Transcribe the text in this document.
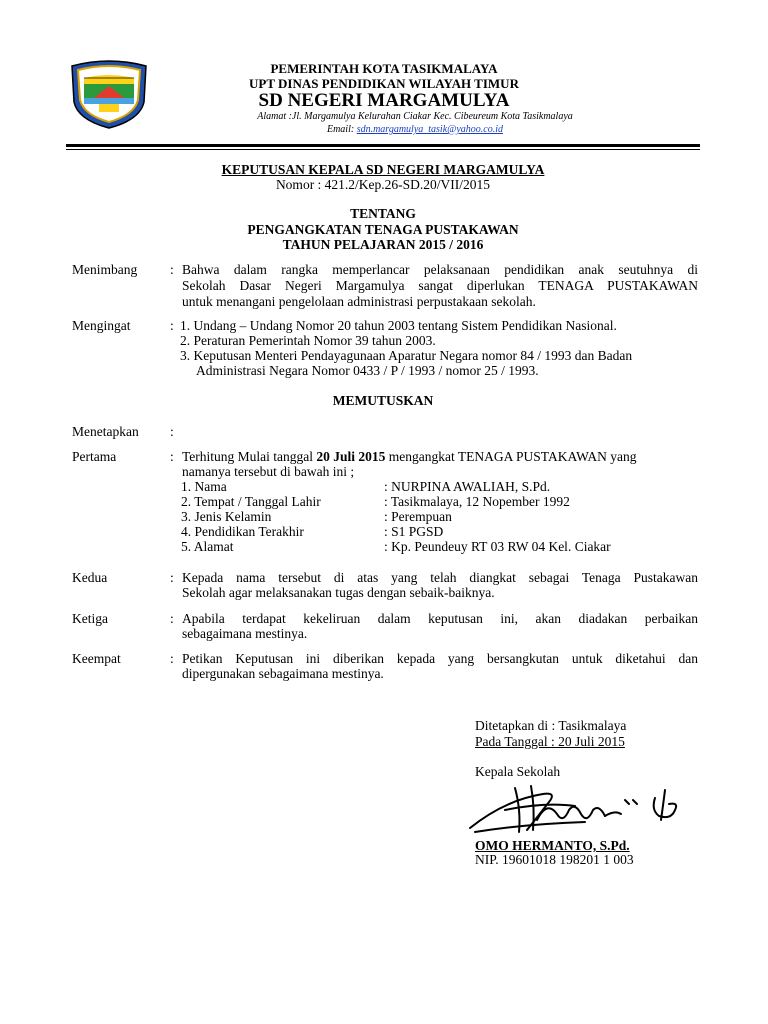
PEMERINTAH KOTA TASIKMALAYA
UPT DINAS PENDIDIKAN WILAYAH TIMUR
SD NEGERI MARGAMULYA
Alamat :Jl. Margamulya Kelurahan Ciakar Kec. Cibeureum Kota Tasikmalaya
Email: sdn.margamulya_tasik@yahoo.co.id
KEPUTUSAN KEPALA SD NEGERI MARGAMULYA
Nomor : 421.2/Kep.26-SD.20/VII/2015
TENTANG
PENGANGKATAN TENAGA PUSTAKAWAN
TAHUN PELAJARAN 2015 / 2016
Menimbang	: Bahwa dalam rangka memperlancar pelaksanaan pendidikan anak seutuhnya di
Sekolah Dasar Negeri Margamulya sangat diperlukan TENAGA PUSTAKAWAN
untuk menangani pengelolaan administrasi perpustakaan sekolah.
Mengingat	: 1. Undang – Undang Nomor 20 tahun 2003 tentang Sistem Pendidikan Nasional.
2. Peraturan Pemerintah Nomor 39 tahun 2003.
3. Keputusan Menteri Pendayagunaan Aparatur Negara nomor 84 / 1993 dan Badan
Administrasi Negara Nomor 0433 / P / 1993 / nomor 25 / 1993.
MEMUTUSKAN
Menetapkan	:
Pertama	: Terhitung Mulai tanggal 20 Juli 2015 mengangkat TENAGA PUSTAKAWAN yang
namanya tersebut di bawah ini ;
1. Nama	: NURPINA AWALIAH, S.Pd.
2. Tempat / Tanggal Lahir	: Tasikmalaya, 12 Nopember 1992
3. Jenis Kelamin	: Perempuan
4. Pendidikan Terakhir	: S1 PGSD
5. Alamat	: Kp. Peundeuy RT 03 RW 04 Kel. Ciakar
Kedua	: Kepada nama tersebut di atas yang telah diangkat sebagai Tenaga Pustakawan
Sekolah agar melaksanakan tugas dengan sebaik-baiknya.
Ketiga	: Apabila terdapat kekeliruan dalam keputusan ini, akan diadakan perbaikan
sebagaimana mestinya.
Keempat	: Petikan Keputusan ini diberikan kepada yang bersangkutan untuk diketahui dan
dipergunakan sebagaimana mestinya.
Ditetapkan di : Tasikmalaya
Pada Tanggal : 20 Juli 2015
Kepala Sekolah
OMO HERMANTO, S.Pd.
NIP. 19601018 198201 1 003
